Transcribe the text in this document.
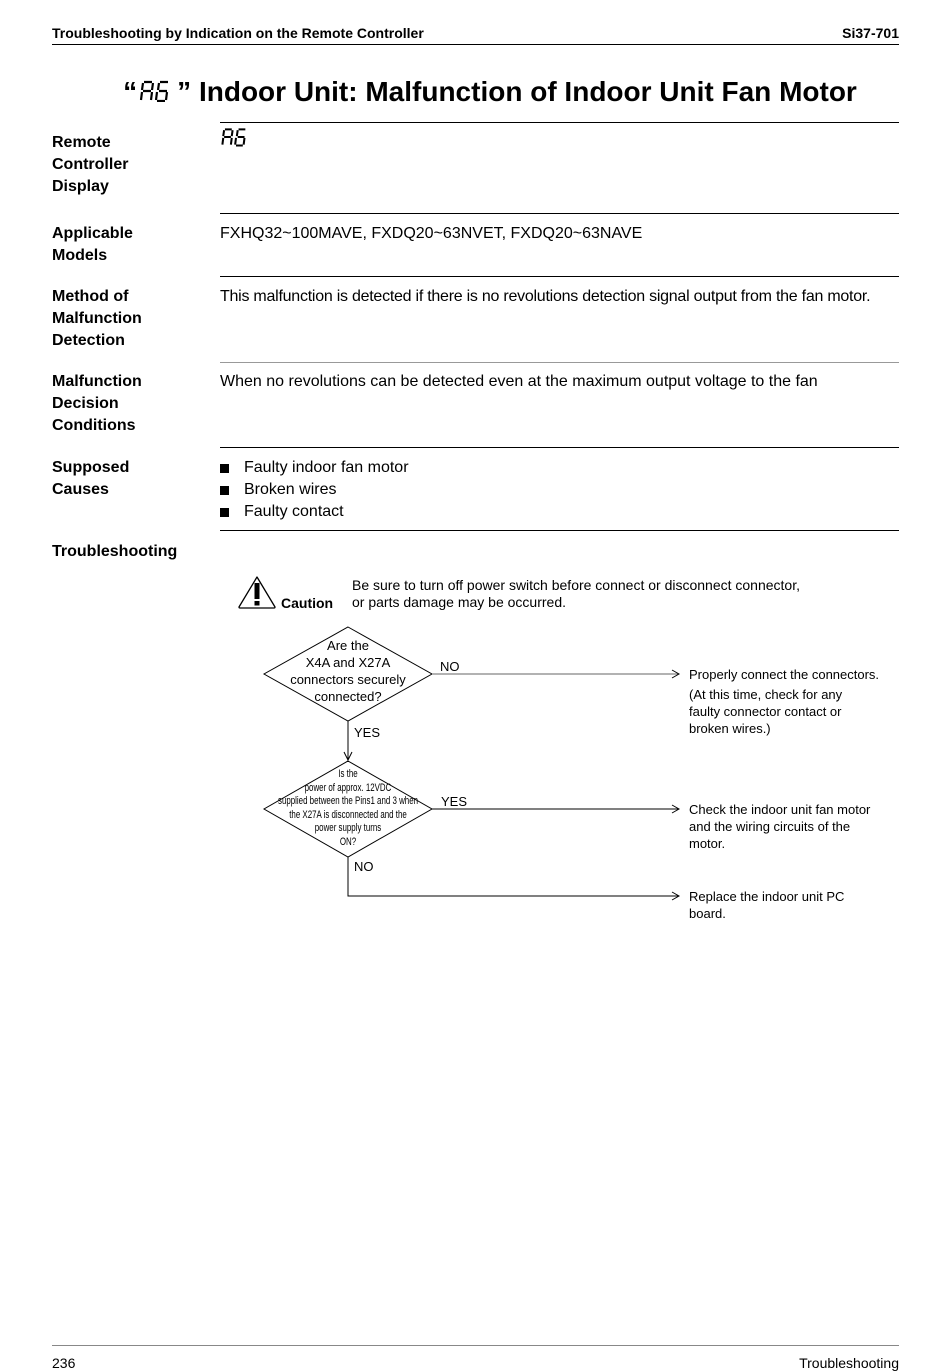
Troubleshooting by Indication on the Remote Controller	Si37-701
“ ” Indoor Unit: Malfunction of Indoor Unit Fan Motor
Remote
Controller
Display
Applicable
Models
FXHQ32~100MAVE, FXDQ20~63NVET, FXDQ20~63NAVE
Method of
Malfunction
Detection
This malfunction is detected if there is no revolutions detection signal output from the fan motor.
Malfunction
Decision
Conditions
When no revolutions can be detected even at the maximum output voltage to the fan
Supposed
Causes
Faulty indoor fan motor
Broken wires
Faulty contact
Troubleshooting
Caution
Be sure to turn off power switch before connect or disconnect connector,
or parts damage may be occurred.
Are the
X4A and X27A
connectors securely
connected?
NO
YES
Properly connect the connectors.
(At this time, check for any
faulty connector contact or
broken wires.)
Is the
power of approx. 12VDC
supplied between the Pins1 and 3 when
the X27A is disconnected and the
power supply turns
ON?
YES
NO
Check the indoor unit fan motor
and the wiring circuits of the
motor.
Replace the indoor unit PC
board.
236	Troubleshooting
